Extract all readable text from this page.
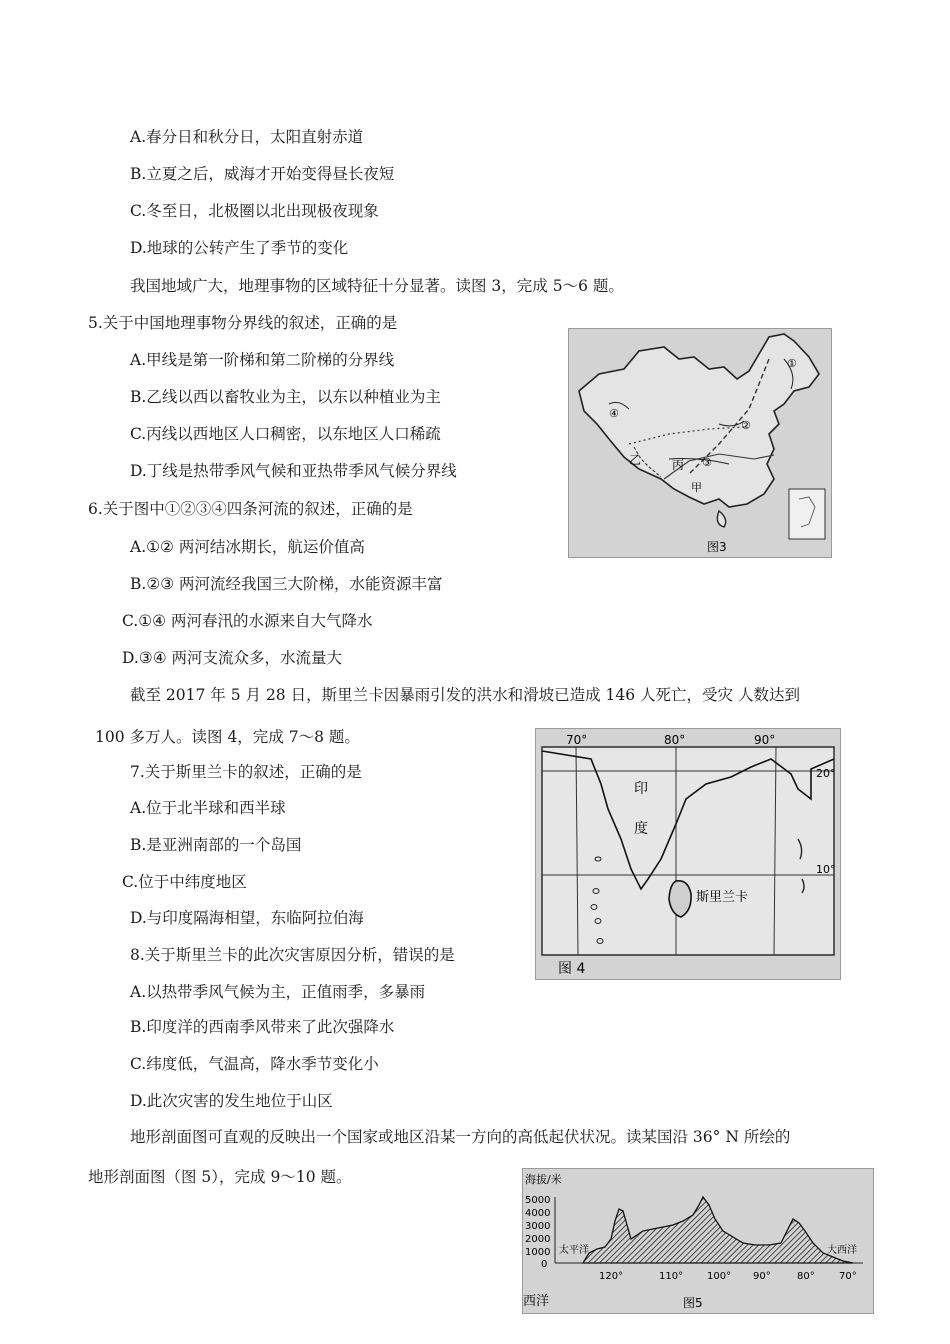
A.春分日和秋分日，太阳直射赤道
B.立夏之后，威海才开始变得昼长夜短
C.冬至日，北极圈以北出现极夜现象
D.地球的公转产生了季节的变化
我国地域广大，地理事物的区域特征十分显著。读图 3，完成 5～6 题。
5.关于中国地理事物分界线的叙述，正确的是
A.甲线是第一阶梯和第二阶梯的分界线
B.乙线以西以畜牧业为主，以东以种植业为主
C.丙线以西地区人口稠密，以东地区人口稀疏
D.丁线是热带季风气候和亚热带季风气候分界线
6.关于图中①②③④四条河流的叙述，正确的是
A.①② 两河结冰期长，航运价值高
B.②③ 两河流经我国三大阶梯，水能资源丰富
C.①④ 两河春汛的水源来自大气降水
D.③④ 两河支流众多，水流量大
截至 2017 年 5 月 28 日，斯里兰卡因暴雨引发的洪水和滑坡已造成 146 人死亡，受灾 人数达到
100 多万人。读图 4，完成 7～8 题。
7.关于斯里兰卡的叙述，正确的是
A.位于北半球和西半球
B.是亚洲南部的一个岛国
C.位于中纬度地区
D.与印度隔海相望，东临阿拉伯海
8.关于斯里兰卡的此次灾害原因分析，错误的是
A.以热带季风气候为主，正值雨季，多暴雨
B.印度洋的西南季风带来了此次强降水
C.纬度低，气温高，降水季节变化小
D.此次灾害的发生地位于山区
地形剖面图可直观的反映出一个国家或地区沿某一方向的高低起伏状况。读某国沿 36° N 所绘的
地形剖面图（图 5），完成 9～10 题。
①
②
③
④
乙	丙
甲
图3
70°	80°	90°
20°
10°
印
度
斯里兰卡
图 4
海拔/米
5000
4000
3000
2000
1000
0
太平洋	大西洋
120°	110° 100° 90°	80° 70°
西洋	图5
